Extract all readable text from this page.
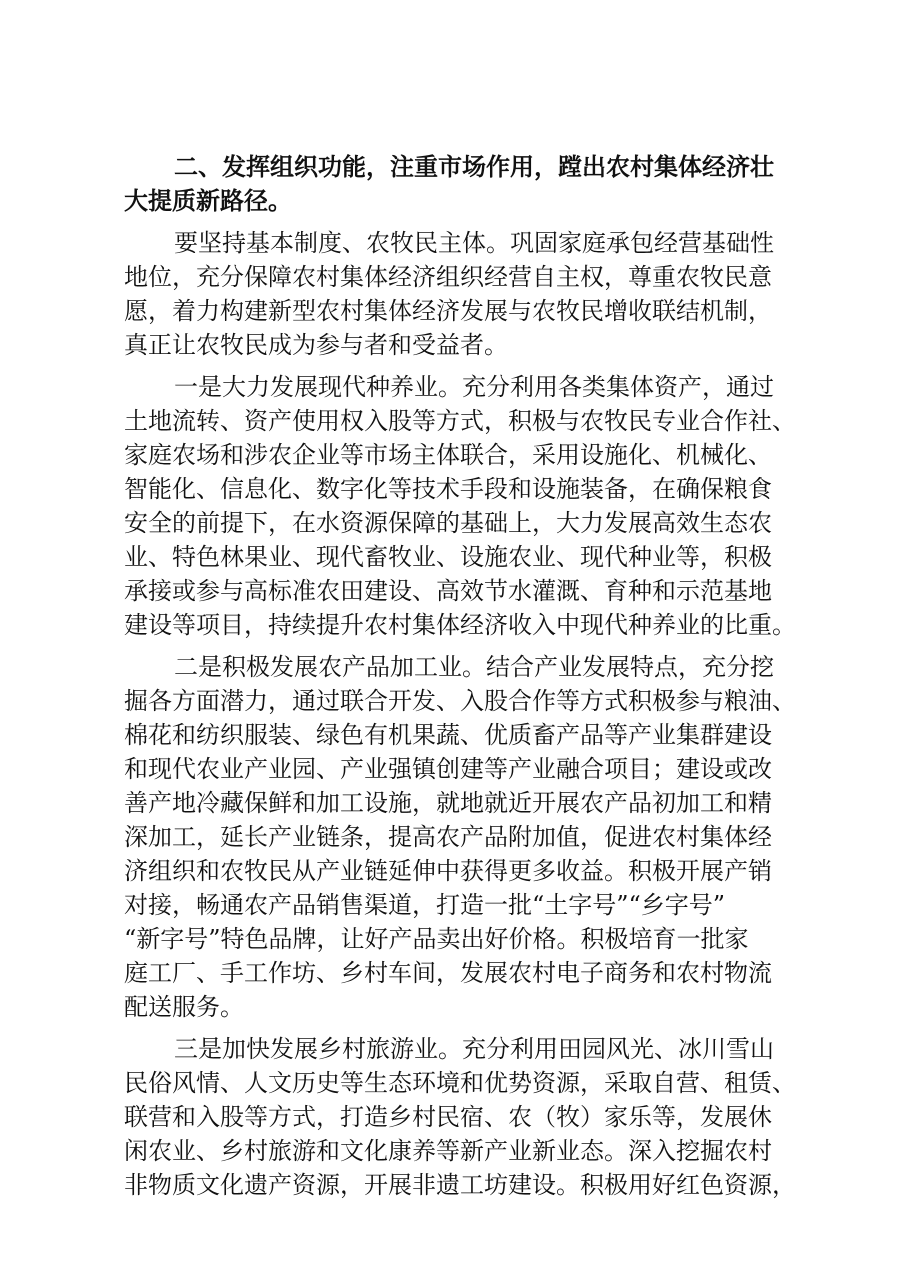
二、发挥组织功能，注重市场作用，蹚出农村集体经济壮
大提质新路径。
要坚持基本制度、农牧民主体。巩固家庭承包经营基础性
地位，充分保障农村集体经济组织经营自主权，尊重农牧民意
愿，着力构建新型农村集体经济发展与农牧民增收联结机制，
真正让农牧民成为参与者和受益者。
一是大力发展现代种养业。充分利用各类集体资产，通过
土地流转、资产使用权入股等方式，积极与农牧民专业合作社、
家庭农场和涉农企业等市场主体联合，采用设施化、机械化、
智能化、信息化、数字化等技术手段和设施装备，在确保粮食
安全的前提下，在水资源保障的基础上，大力发展高效生态农
业、特色林果业、现代畜牧业、设施农业、现代种业等，积极
承接或参与高标准农田建设、高效节水灌溉、育种和示范基地
建设等项目，持续提升农村集体经济收入中现代种养业的比重。
二是积极发展农产品加工业。结合产业发展特点，充分挖
掘各方面潜力，通过联合开发、入股合作等方式积极参与粮油、
棉花和纺织服装、绿色有机果蔬、优质畜产品等产业集群建设
和现代农业产业园、产业强镇创建等产业融合项目；建设或改
善产地冷藏保鲜和加工设施，就地就近开展农产品初加工和精
深加工，延长产业链条，提高农产品附加值，促进农村集体经
济组织和农牧民从产业链延伸中获得更多收益。积极开展产销
对接，畅通农产品销售渠道，打造一批“土字号”“乡字号”
“新字号”特色品牌，让好产品卖出好价格。积极培育一批家
庭工厂、手工作坊、乡村车间，发展农村电子商务和农村物流
配送服务。
三是加快发展乡村旅游业。充分利用田园风光、冰川雪山
民俗风情、人文历史等生态环境和优势资源，采取自营、租赁、
联营和入股等方式，打造乡村民宿、农（牧）家乐等，发展休
闲农业、乡村旅游和文化康养等新产业新业态。深入挖掘农村
非物质文化遗产资源，开展非遗工坊建设。积极用好红色资源，
